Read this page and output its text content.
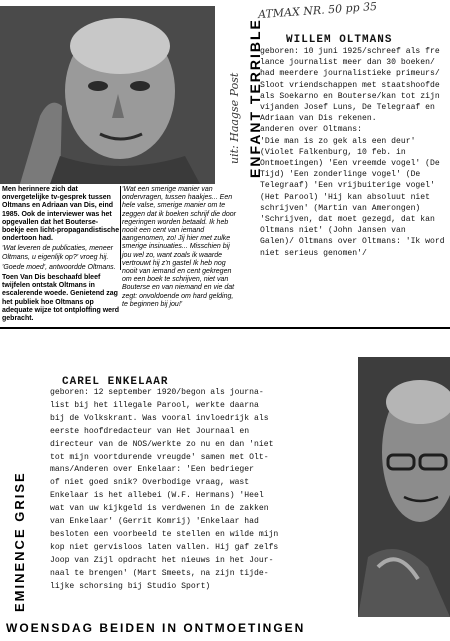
ATMAX NR. 50 pp 35

Men herinnere zich dat onvergetelijke tv-gesprek tussen Oltmans en Adriaan van Dis, eind 1985. Ook de interviewer was het opgevallen dat het Bouterse-boekje een licht-propagandistische ondertoon had.

'Wat leveren de publicaties, meneer Oltmans, u eigenlijk op?' vroeg hij.

'Goede moed', antwoordde Oltmans.

Toen Van Dis beschaafd bleef twijfelen ontstak Oltmans in escalerende woede. Genietend zag het publiek hoe Oltmans op adequate wijze tot ontploffing werd gebracht.

'Wat een smerige manier van ondervragen, tussen haakjes... Een hele valse, smerige manier om te zeggen dat ik boeken schrijf die door regeringen worden betaald. Ik heb nooit een cent van iemand aangenomen, zo! Jij hier met zulke smerige insinuaties... Misschien bij jou wel zo, want zoals ik waarde vertrouwt hij z'n gastel Ik heb nog nooit van iemand en cent gekregen om een boek te schrijven, niet van Bouterse en van niemand en vie dat zegt: onvoldoende om hard gelding, te beginnen bij jou!'
uit: Haagse Post ENFANT TERRIBLE WILLEM OLTMANS
geboren: 10 juni 1925/schreef als fre
lance journalist meer dan 30 boeken/
had meerdere journalistieke primeurs/
Sloot vriendschappen met staatshoofde
als Soekarno en Bouterse/kan tot zijn
vijanden Josef Luns, De Telegraaf en
Adriaan van Dis rekenen.
anderen over Oltmans:
'Die man is zo gek als een deur'
(Violet Falkenburg, 10 feb. in
Ontmoetingen) 'Een vreemde vogel' (De
Tijd) 'Een zonderlinge vogel' (De
Telegraaf) 'Een vrijbuiterige vogel'
(Het Parool) 'Hij kan absoluut niet
schrijven' (Martin van Amerongen)
'Schrijven, dat moet gezegd, dat kan
Oltmans niet' (John Jansen van
Galen)/ Oltmans over Oltmans: 'Ik word
niet serieus genomen'/
CAREL ENKELAAR
geboren: 12 september 1920/begon als journa-
list bij het illegale Parool, werkte daarna
bij de Volkskrant. Was vooral invloedrijk als
eerste hoofdredacteur van Het Journaal en
directeur van de NOS/werkte zo nu en dan 'niet
tot mijn voortdurende vreugde' samen met Olt-
mans/Anderen over Enkelaar: 'Een bedrieger
of niet goed snik? Overbodige vraag, wast
Enkelaar is het allebei (W.F. Hermans) 'Heel
wat van uw kijkgeld is verdwenen in de zakken
van Enkelaar' (Gerrit Komrij) 'Enkelaar had
besloten een voorbeeld te stellen en wilde mijn
kop niet gervisloos laten vallen. Hij gaf zelfs
Joop van Zijl opdracht het nieuws in het Jour-
naal te brengen' (Mart Smeets, na zijn tijde-
lijke schorsing bij Studio Sport)
EMINENCE GRISE
WOENSDAG BEIDEN IN ONTMOETINGEN
